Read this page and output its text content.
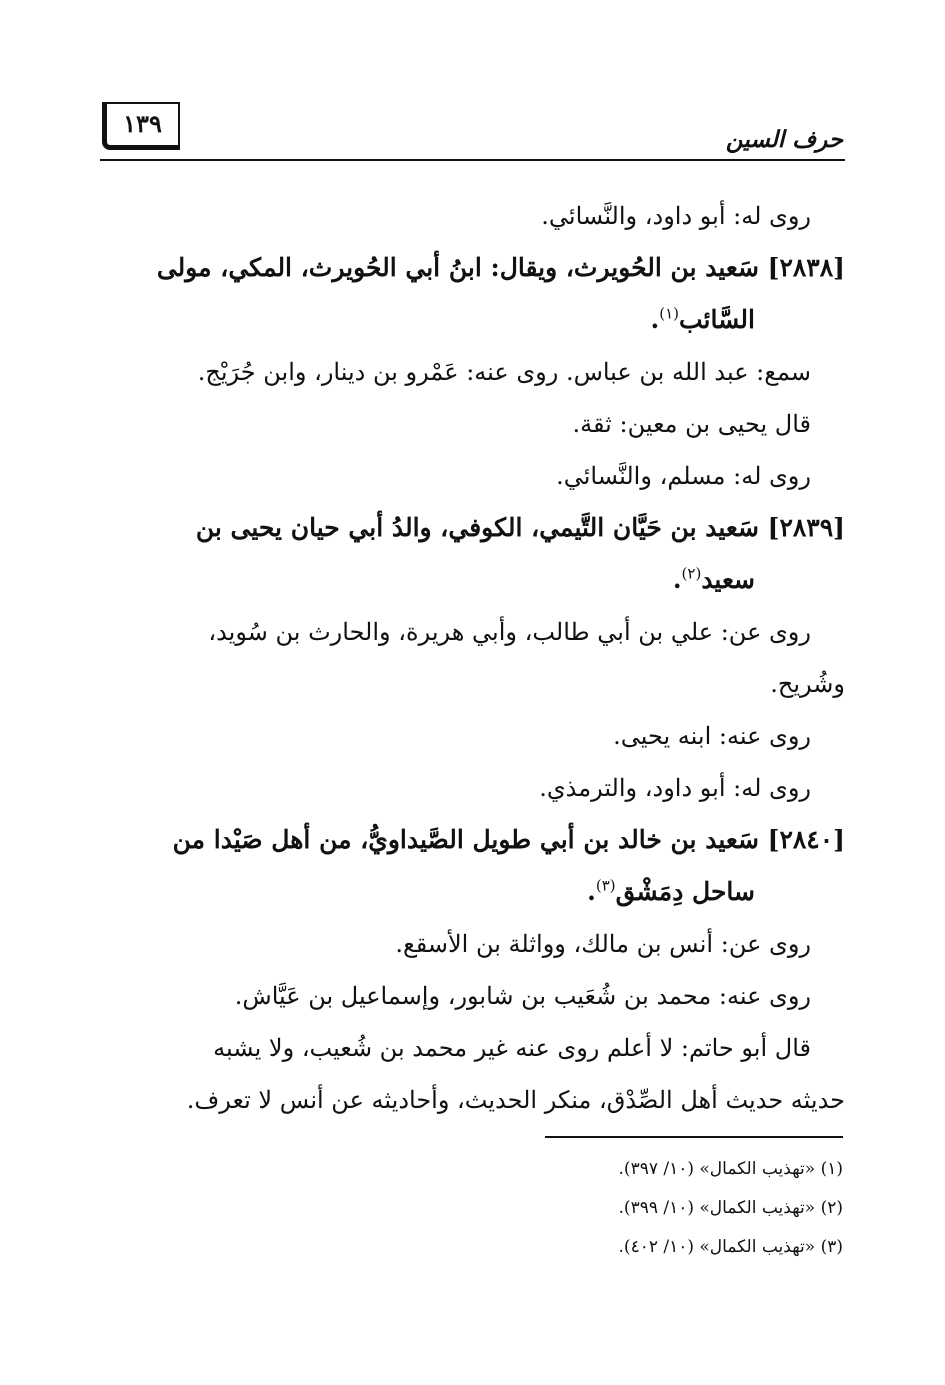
١٣٩
حرف السين
روى له: أبو داود، والنَّسائي.
[٢٨٣٨] سَعيد بن الحُويرث، ويقال: ابنُ أبي الحُويرث، المكي، مولى
السَّائب$^{(١)}$.
سمع: عبد الله بن عباس. روى عنه: عَمْرو بن دينار، وابن جُرَيْج.
قال يحيى بن معين: ثقة.
روى له: مسلم، والنَّسائي.
[٢٨٣٩] سَعيد بن حَيَّان التَّيمي، الكوفي، والدُ أبي حيان يحيى بن
سعيد$^{(٢)}$.
روى عن: علي بن أبي طالب، وأبي هريرة، والحارث بن سُويد،
وشُريح.
روى عنه: ابنه يحيى.
روى له: أبو داود، والترمذي.
[٢٨٤٠] سَعيد بن خالد بن أبي طويل الصَّيداويُّ، من أهل صَيْدا من
ساحل دِمَشْق$^{(٣)}$.
روى عن: أنس بن مالك، وواثلة بن الأسقع.
روى عنه: محمد بن شُعَيب بن شابور، وإسماعيل بن عَيَّاش.
قال أبو حاتم: لا أعلم روى عنه غير محمد بن شُعيب، ولا يشبه
حديثه حديث أهل الصِّدْق، منكر الحديث، وأحاديثه عن أنس لا تعرف.
(١) «تهذيب الكمال» (١٠/ ٣٩٧).
(٢) «تهذيب الكمال» (١٠/ ٣٩٩).
(٣) «تهذيب الكمال» (١٠/ ٤٠٢).
